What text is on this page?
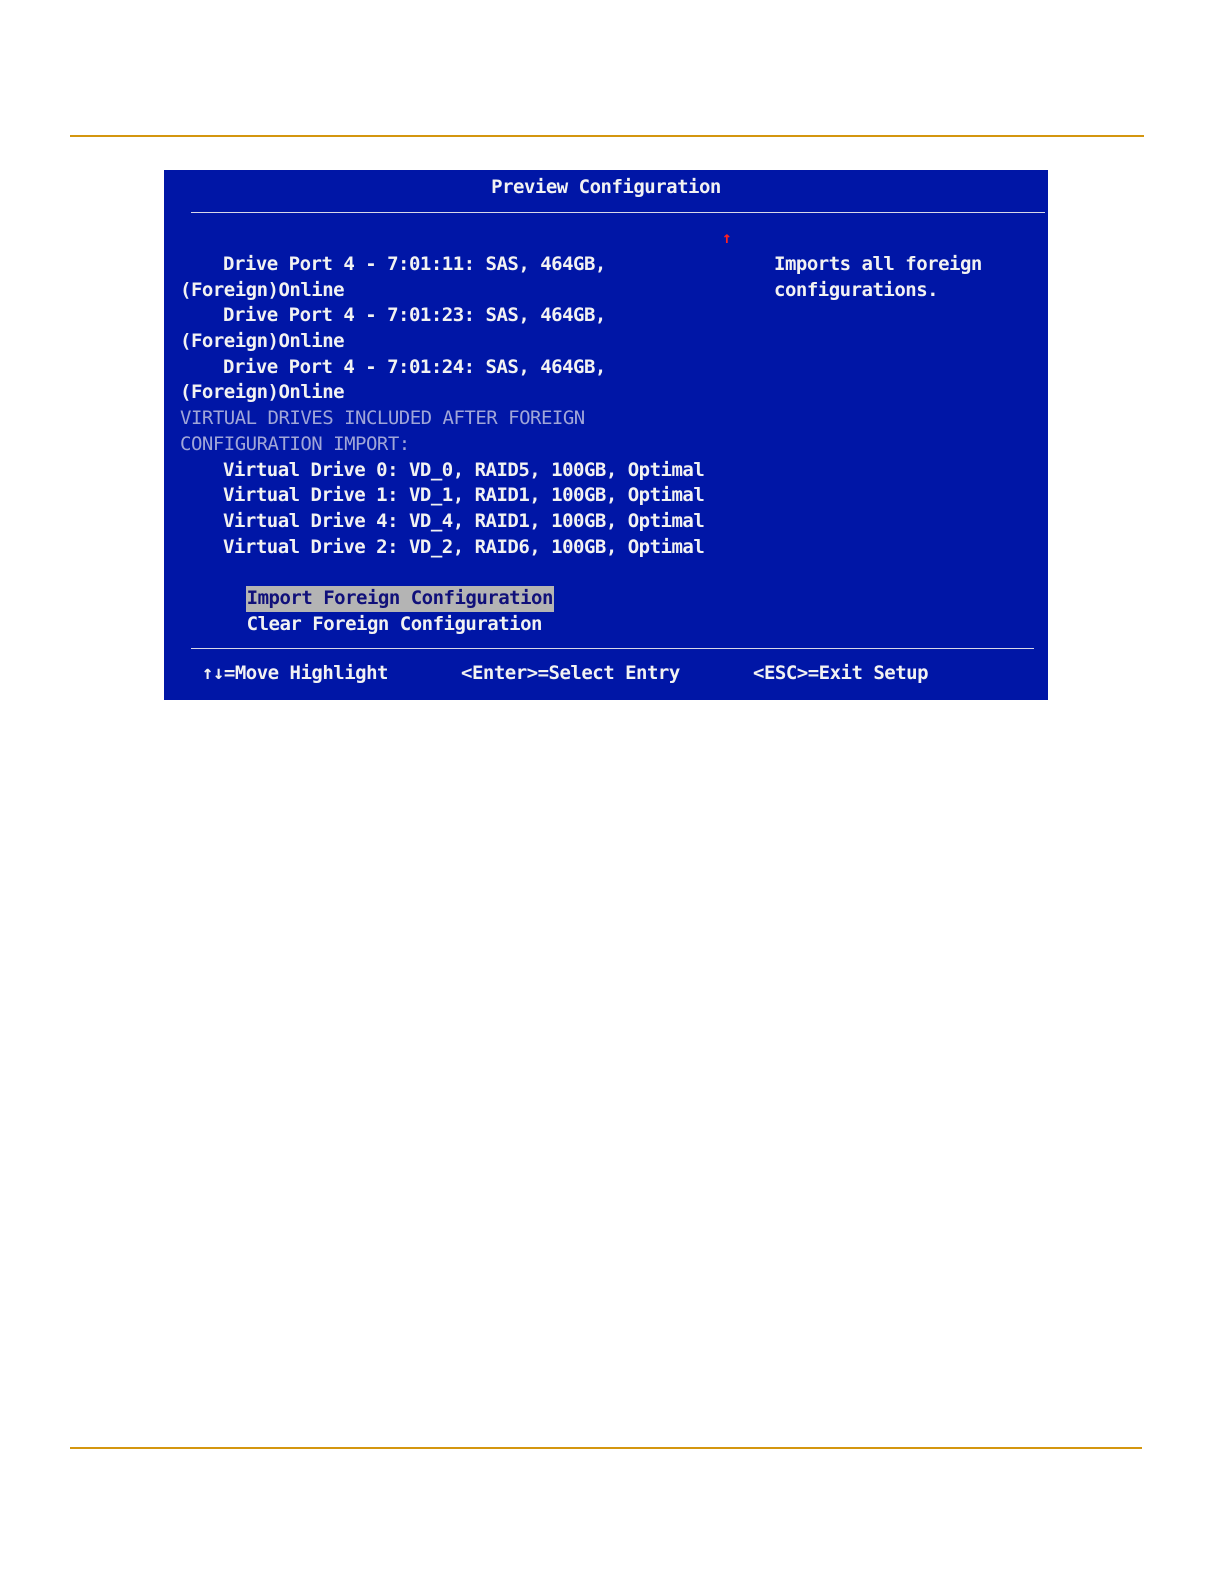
Preview Configuration
↑
Drive Port 4 - 7:01:11: SAS, 464GB,
(Foreign)Online
Drive Port 4 - 7:01:23: SAS, 464GB,
(Foreign)Online
Drive Port 4 - 7:01:24: SAS, 464GB,
(Foreign)Online
VIRTUAL DRIVES INCLUDED AFTER FOREIGN
CONFIGURATION IMPORT:
Virtual Drive 0: VD_0, RAID5, 100GB, Optimal
Virtual Drive 1: VD_1, RAID1, 100GB, Optimal
Virtual Drive 4: VD_4, RAID1, 100GB, Optimal
Virtual Drive 2: VD_2, RAID6, 100GB, Optimal

Import Foreign Configuration

Clear Foreign Configuration

Imports all foreign
configurations.
↑↓=Move Highlight	<Enter>=Select Entry	<ESC>=Exit Setup
